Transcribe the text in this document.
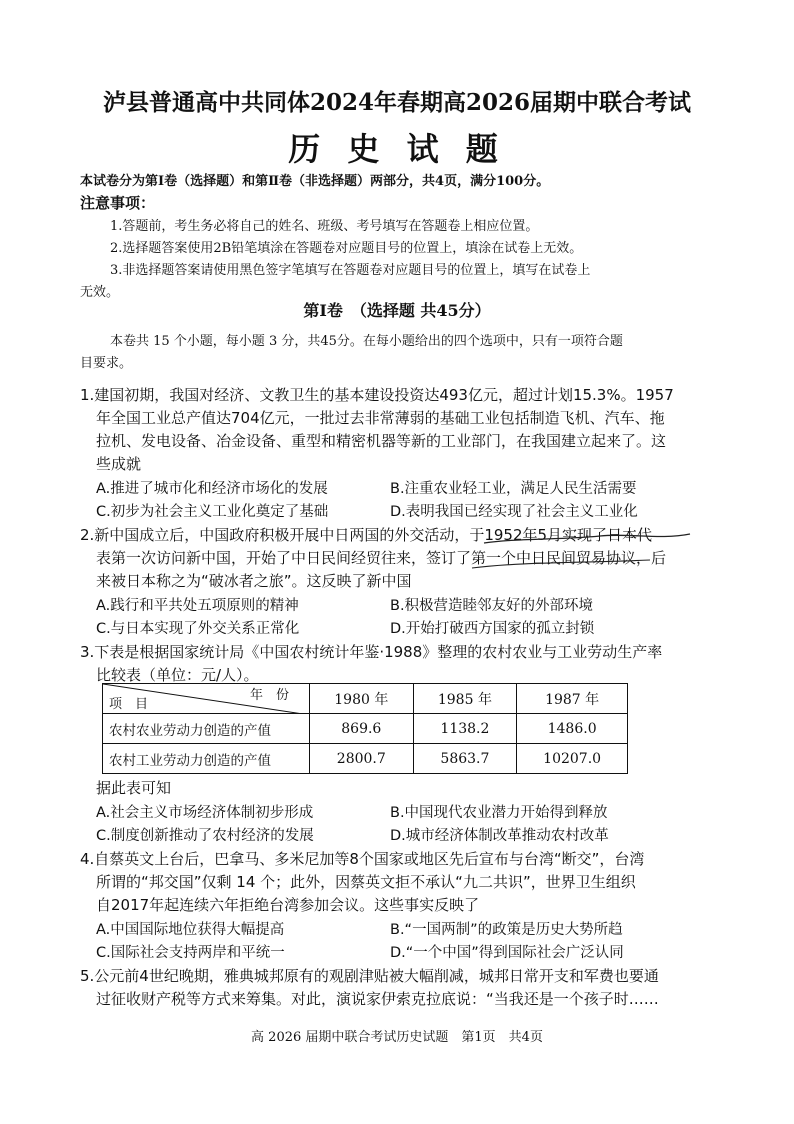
泸县普通高中共同体2024年春期高2026届期中联合考试
历 史 试 题
本试卷分为第Ⅰ卷（选择题）和第Ⅱ卷（非选择题）两部分，共4页，满分100分。
注意事项：
1.答题前，考生务必将自己的姓名、班级、考号填写在答题卷上相应位置。
2.选择题答案使用2B铅笔填涂在答题卷对应题目号的位置上，填涂在试卷上无效。
3.非选择题答案请使用黑色签字笔填写在答题卷对应题目号的位置上，填写在试卷上
无效。
第Ⅰ卷　（选择题 共45分）
本卷共 15 个小题，每小题 3 分，共45分。在每小题给出的四个选项中，只有一项符合题
目要求。
1.建国初期，我国对经济、文教卫生的基本建设投资达493亿元，超过计划15.3%。1957
年全国工业总产值达704亿元，一批过去非常薄弱的基础工业包括制造飞机、汽车、拖
拉机、发电设备、冶金设备、重型和精密机器等新的工业部门，在我国建立起来了。这
些成就
A.推进了城市化和经济市场化的发展	B.注重农业轻工业，满足人民生活需要
C.初步为社会主义工业化奠定了基础	D.表明我国已经实现了社会主义工业化
2.新中国成立后，中国政府积极开展中日两国的外交活动，于1952年5月实现了日本代
表第一次访问新中国，开始了中日民间经贸往来，签订了第一个中日民间贸易协议，后
来被日本称之为“破冰者之旅”。这反映了新中国
A.践行和平共处五项原则的精神	B.积极营造睦邻友好的外部环境
C.与日本实现了外交关系正常化	D.开始打破西方国家的孤立封锁
3.下表是根据国家统计局《中国农村统计年鉴·1988》整理的农村农业与工业劳动生产率
比较表（单位：元/人）。
年　份
项　目	1980 年	1985 年	1987 年
农村农业劳动力创造的产值	869.6	1138.2	1486.0
农村工业劳动力创造的产值	2800.7	5863.7	10207.0
据此表可知
A.社会主义市场经济体制初步形成	B.中国现代农业潜力开始得到释放
C.制度创新推动了农村经济的发展	D.城市经济体制改革推动农村改革
4.自蔡英文上台后，巴拿马、多米尼加等8个国家或地区先后宣布与台湾“断交”，台湾
所谓的“邦交国”仅剩 14 个；此外，因蔡英文拒不承认“九二共识”，世界卫生组织
自2017年起连续六年拒绝台湾参加会议。这些事实反映了
A.中国国际地位获得大幅提高	B.“一国两制”的政策是历史大势所趋
C.国际社会支持两岸和平统一	D.“一个中国”得到国际社会广泛认同
5.公元前4世纪晚期，雅典城邦原有的观剧津贴被大幅削减，城邦日常开支和军费也要通
过征收财产税等方式来筹集。对此，演说家伊索克拉底说：“当我还是一个孩子时……
高 2026 届期中联合考试历史试题　第1页　共4页
